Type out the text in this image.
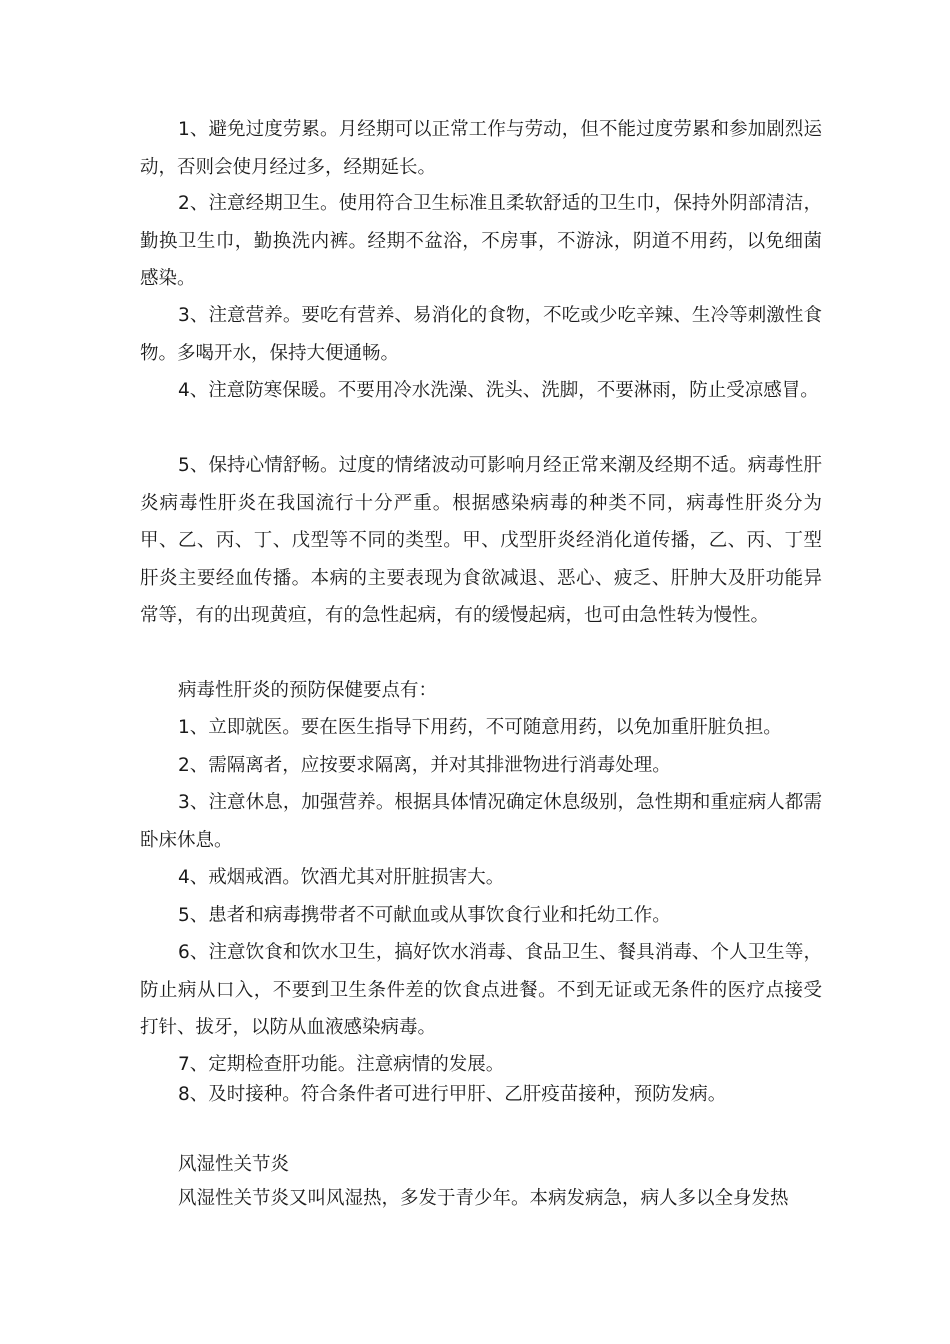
1、避免过度劳累。月经期可以正常工作与劳动，但不能过度劳累和参加剧烈运动，否则会使月经过多，经期延长。

2、注意经期卫生。使用符合卫生标准且柔软舒适的卫生巾，保持外阴部清洁，勤换卫生巾，勤换洗内裤。经期不盆浴，不房事，不游泳，阴道不用药，以免细菌感染。

3、注意营养。要吃有营养、易消化的食物，不吃或少吃辛辣、生冷等刺激性食物。多喝开水，保持大便通畅。

4、注意防寒保暖。不要用冷水洗澡、洗头、洗脚，不要淋雨，防止受凉感冒。

5、保持心情舒畅。过度的情绪波动可影响月经正常来潮及经期不适。病毒性肝炎病毒性肝炎在我国流行十分严重。根据感染病毒的种类不同，病毒性肝炎分为甲、乙、丙、丁、戊型等不同的类型。甲、戊型肝炎经消化道传播，乙、丙、丁型肝炎主要经血传播。本病的主要表现为食欲减退、恶心、疲乏、肝肿大及肝功能异常等，有的出现黄疸，有的急性起病，有的缓慢起病，也可由急性转为慢性。

病毒性肝炎的预防保健要点有：

1、立即就医。要在医生指导下用药，不可随意用药，以免加重肝脏负担。

2、需隔离者，应按要求隔离，并对其排泄物进行消毒处理。

3、注意休息，加强营养。根据具体情况确定休息级别，急性期和重症病人都需卧床休息。

4、戒烟戒酒。饮酒尤其对肝脏损害大。

5、患者和病毒携带者不可献血或从事饮食行业和托幼工作。

6、注意饮食和饮水卫生，搞好饮水消毒、食品卫生、餐具消毒、个人卫生等，防止病从口入，不要到卫生条件差的饮食点进餐。不到无证或无条件的医疗点接受打针、拔牙，以防从血液感染病毒。

7、定期检查肝功能。注意病情的发展。

8、及时接种。符合条件者可进行甲肝、乙肝疫苗接种，预防发病。

风湿性关节炎

风湿性关节炎又叫风湿热，多发于青少年。本病发病急，病人多以全身发热
